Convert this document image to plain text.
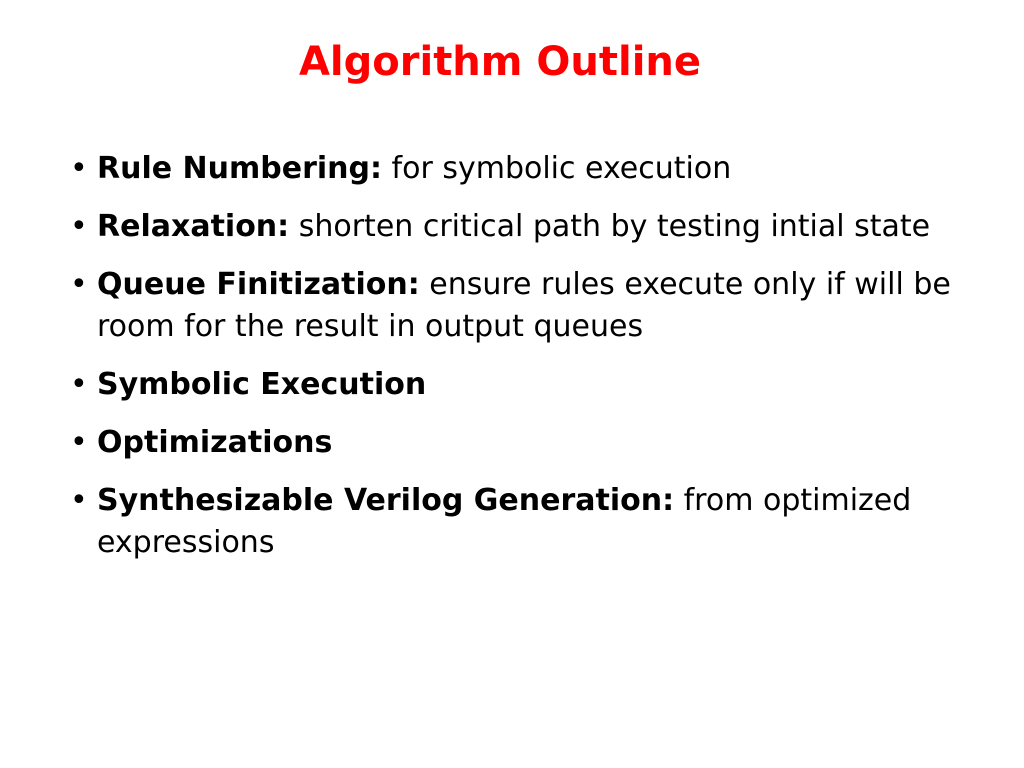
Algorithm Outline
• Rule Numbering: for symbolic execution
• Relaxation: shorten critical path by testing intial state
• Queue Finitization: ensure rules execute only if will be room for the result in output queues
• Symbolic Execution
• Optimizations
• Synthesizable Verilog Generation: from optimized expressions
